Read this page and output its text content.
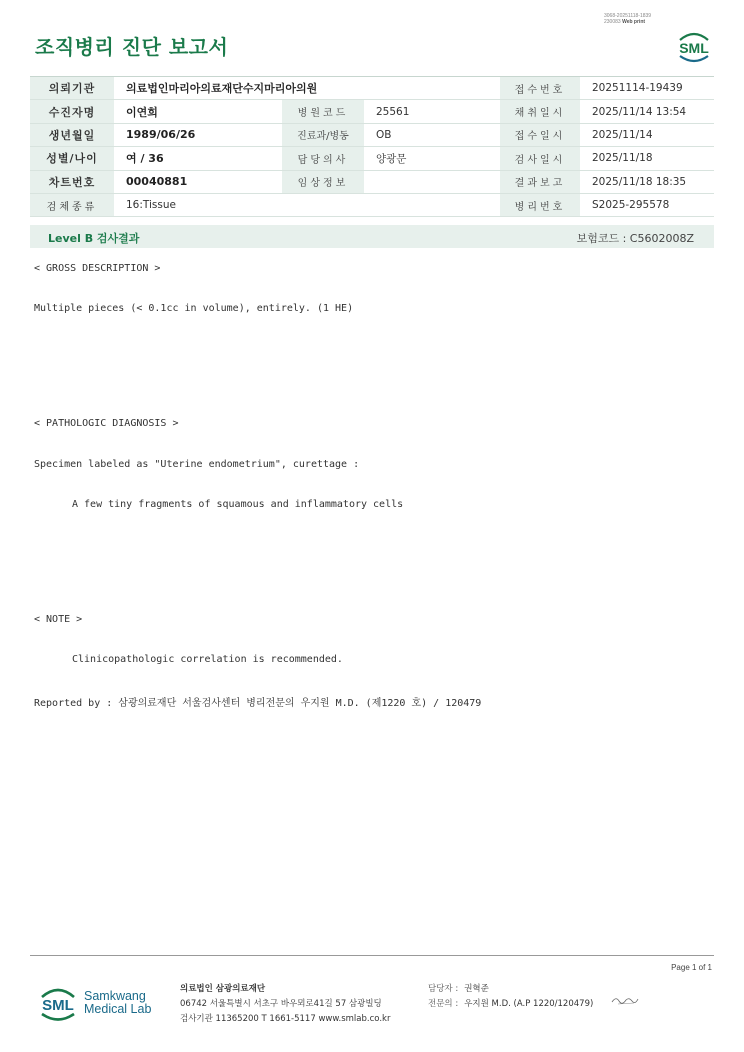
3068-20251118-1839
230083 Web print
조직병리 진단 보고서	SML
의뢰기관	의료법인마리아의료재단수지마리아의원			접수번호	20251114-19439
수진자명	이연희	병원코드	25561	채취일시	2025/11/14 13:54
생년월일	1989/06/26	진료과/병동	OB	접수일시	2025/11/14
성별/나이	여 / 36	담당의사	양광문	검사일시	2025/11/18
차트번호	00040881	임상정보		결과보고	2025/11/18 18:35
검체종류	16:Tissue			병리번호	S2025-295578
Level B 검사결과	보험코드 : C5602008Z
< GROSS DESCRIPTION >
Multiple pieces (< 0.1cc in volume), entirely. (1 HE)
< PATHOLOGIC DIAGNOSIS >
Specimen labeled as "Uterine endometrium", curettage :
A few tiny fragments of squamous and inflammatory cells
< NOTE >
Clinicopathologic correlation is recommended.
Reported by : 삼광의료재단 서울검사센터 병리전문의 우지원 M.D. (제1220 호) / 120479
Page 1 of 1
SML
Samkwang
Medical Lab
의료법인 삼광의료재단
06742 서울특별시 서초구 바우뫼로41길 57 삼광빌딩
검사기관 11365200 T 1661-5117 www.smlab.co.kr
담당자 : 권혁준
전문의 : 우지원 M.D. (A.P 1220/120479)
